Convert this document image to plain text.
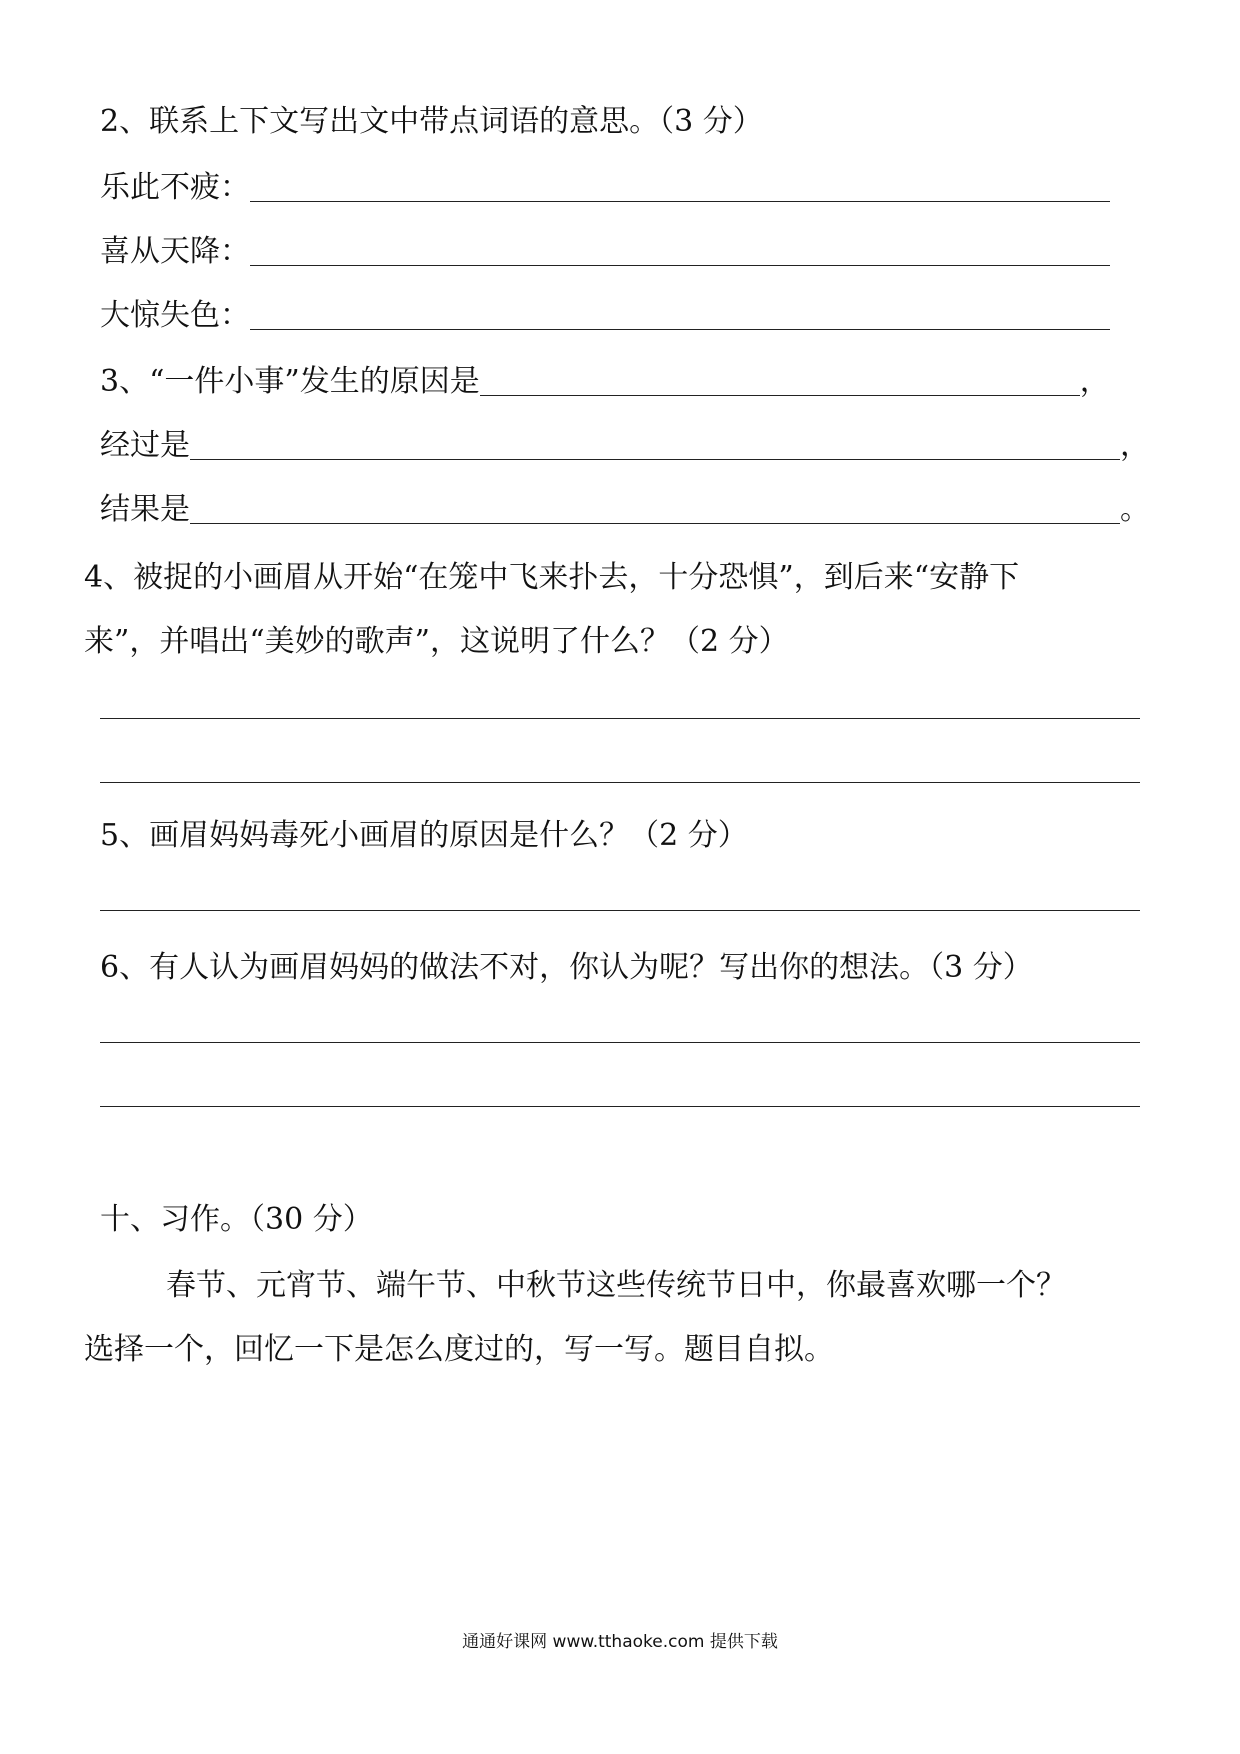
2、联系上下文写出文中带点词语的意思。（3 分）
乐此不疲：
喜从天降：
大惊失色：
3、“一件小事”发生的原因是	，
经过是	，
结果是	。
4、被捉的小画眉从开始“在笼中飞来扑去，十分恐惧”，到后来“安静下
来”，并唱出“美妙的歌声”，这说明了什么？（2 分）
5、画眉妈妈毒死小画眉的原因是什么？（2 分）
6、有人认为画眉妈妈的做法不对，你认为呢？写出你的想法。（3 分）
十、习作。（30 分）
春节、元宵节、端午节、中秋节这些传统节日中，你最喜欢哪一个？
选择一个，回忆一下是怎么度过的，写一写。题目自拟。
通通好课网 www.tthaoke.com 提供下载
